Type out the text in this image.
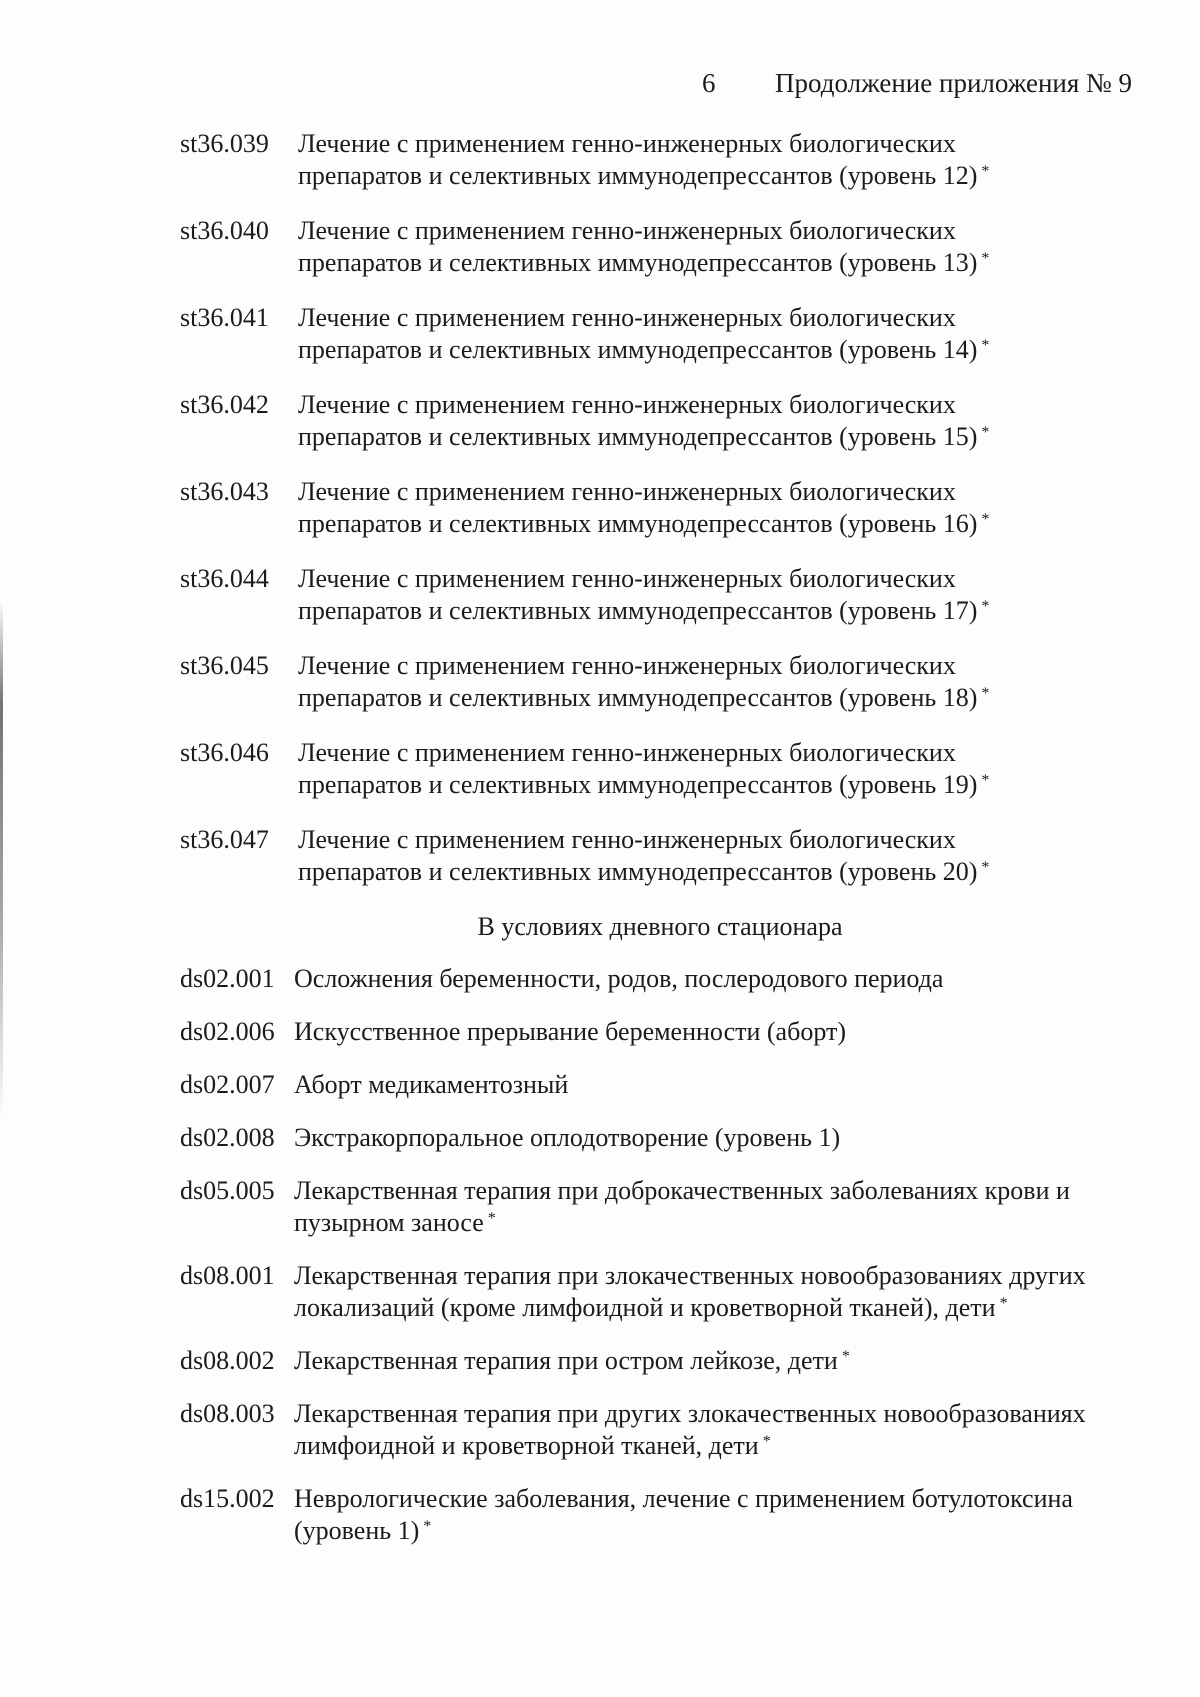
6 Продолжение приложения № 9
st36.039	Лечение с применением генно-инженерных биологических
препаратов и селективных иммунодепрессантов (уровень 12) *
st36.040	Лечение с применением генно-инженерных биологических
препаратов и селективных иммунодепрессантов (уровень 13) *
st36.041	Лечение с применением генно-инженерных биологических
препаратов и селективных иммунодепрессантов (уровень 14) *
st36.042	Лечение с применением генно-инженерных биологических
препаратов и селективных иммунодепрессантов (уровень 15) *
st36.043	Лечение с применением генно-инженерных биологических
препаратов и селективных иммунодепрессантов (уровень 16) *
st36.044	Лечение с применением генно-инженерных биологических
препаратов и селективных иммунодепрессантов (уровень 17) *
st36.045	Лечение с применением генно-инженерных биологических
препаратов и селективных иммунодепрессантов (уровень 18) *
st36.046	Лечение с применением генно-инженерных биологических
препаратов и селективных иммунодепрессантов (уровень 19) *
st36.047	Лечение с применением генно-инженерных биологических
препаратов и селективных иммунодепрессантов (уровень 20) *
В условиях дневного стационара
ds02.001 Осложнения беременности, родов, послеродового периода
ds02.006 Искусственное прерывание беременности (аборт)
ds02.007 Аборт медикаментозный
ds02.008 Экстракорпоральное оплодотворение (уровень 1)
ds05.005 Лекарственная терапия при доброкачественных заболеваниях крови и пузырном заносе *
ds08.001 Лекарственная терапия при злокачественных новообразованиях других локализаций (кроме лимфоидной и кроветворной тканей), дети *
ds08.002 Лекарственная терапия при остром лейкозе, дети *
ds08.003 Лекарственная терапия при других злокачественных новообразованиях лимфоидной и кроветворной тканей, дети *
ds15.002 Неврологические заболевания, лечение с применением ботулотоксина (уровень 1) *
